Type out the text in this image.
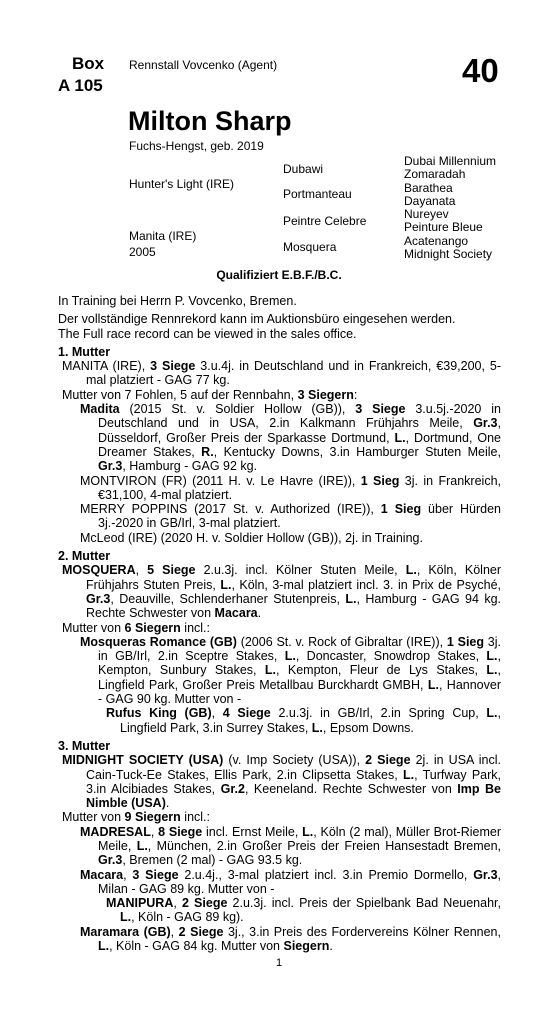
Box
A 105
Rennstall Vovcenko (Agent)	40
Milton Sharp
Fuchs-Hengst, geb. 2019
Hunter's Light (IRE)
Manita (IRE)
2005
Dubawi
Portmanteau
Peintre Celebre
Mosquera
Dubai Millennium
Zomaradah
Barathea
Dayanata
Nureyev
Peinture Bleue
Acatenango
Midnight Society
Qualifiziert E.B.F./B.C.
In Training bei Herrn P. Vovcenko, Bremen.
Der vollständige Rennrekord kann im Auktionsbüro eingesehen werden.
The Full race record can be viewed in the sales office.
1. Mutter
MANITA (IRE), 3 Siege 3.u.4j. in Deutschland und in Frankreich, €39,200, 5-mal platziert - GAG 77 kg.
Mutter von 7 Fohlen, 5 auf der Rennbahn, 3 Siegern:
Madita (2015 St. v. Soldier Hollow (GB)), 3 Siege 3.u.5j.-2020 in Deutschland und in USA, 2.in Kalkmann Frühjahrs Meile, Gr.3, Düsseldorf, Großer Preis der Sparkasse Dortmund, L., Dortmund, One Dreamer Stakes, R., Kentucky Downs, 3.in Hamburger Stuten Meile, Gr.3, Hamburg - GAG 92 kg.
MONTVIRON (FR) (2011 H. v. Le Havre (IRE)), 1 Sieg 3j. in Frankreich, €31,100, 4-mal platziert.
MERRY POPPINS (2017 St. v. Authorized (IRE)), 1 Sieg über Hürden 3j.-2020 in GB/Irl, 3-mal platziert.
McLeod (IRE) (2020 H. v. Soldier Hollow (GB)), 2j. in Training.
2. Mutter
MOSQUERA, 5 Siege 2.u.3j. incl. Kölner Stuten Meile, L., Köln, Kölner Frühjahrs Stuten Preis, L., Köln, 3-mal platziert incl. 3. in Prix de Psyché, Gr.3, Deauville, Schlenderhaner Stutenpreis, L., Hamburg - GAG 94 kg. Rechte Schwester von Macara.
Mutter von 6 Siegern incl.:
Mosqueras Romance (GB) (2006 St. v. Rock of Gibraltar (IRE)), 1 Sieg 3j. in GB/Irl, 2.in Sceptre Stakes, L., Doncaster, Snowdrop Stakes, L., Kempton, Sunbury Stakes, L., Kempton, Fleur de Lys Stakes, L., Lingfield Park, Großer Preis Metallbau Burckhardt GMBH, L., Hannover - GAG 90 kg. Mutter von -
Rufus King (GB), 4 Siege 2.u.3j. in GB/Irl, 2.in Spring Cup, L., Lingfield Park, 3.in Surrey Stakes, L., Epsom Downs.
3. Mutter
MIDNIGHT SOCIETY (USA) (v. Imp Society (USA)), 2 Siege 2j. in USA incl. Cain-Tuck-Ee Stakes, Ellis Park, 2.in Clipsetta Stakes, L., Turfway Park, 3.in Alcibiades Stakes, Gr.2, Keeneland. Rechte Schwester von Imp Be Nimble (USA).
Mutter von 9 Siegern incl.:
MADRESAL, 8 Siege incl. Ernst Meile, L., Köln (2 mal), Müller Brot-Riemer Meile, L., München, 2.in Großer Preis der Freien Hansestadt Bremen, Gr.3, Bremen (2 mal) - GAG 93.5 kg.
Macara, 3 Siege 2.u.4j., 3-mal platziert incl. 3.in Premio Dormello, Gr.3, Milan - GAG 89 kg. Mutter von -
MANIPURA, 2 Siege 2.u.3j. incl. Preis der Spielbank Bad Neuenahr, L., Köln - GAG 89 kg).
Maramara (GB), 2 Siege 3j., 3.in Preis des Fordervereins Kölner Rennen, L., Köln - GAG 84 kg. Mutter von Siegern.
1
